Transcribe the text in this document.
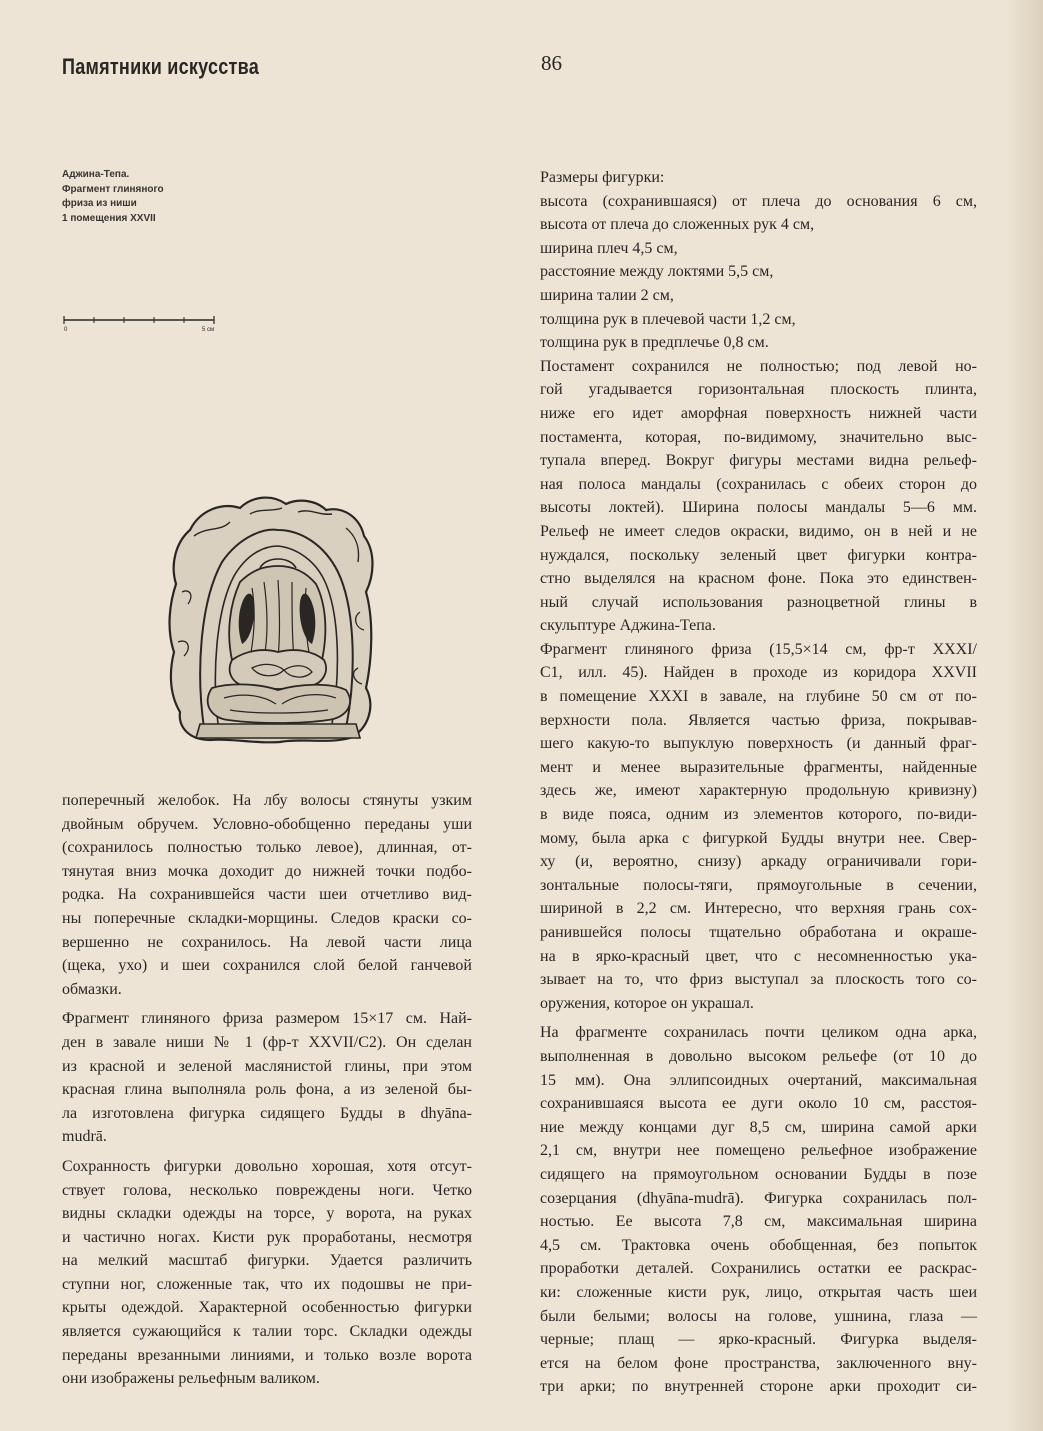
Памятники искусства	86
Аджина-Тепа.
Фрагмент глиняного
фриза из ниши
1 помещения XXVII
0	5 см

поперечный желобок. На лбу волосы стянуты узким
двойным обручем. Условно-обобщенно переданы уши
(сохранилось полностью только левое), длинная, от-
тянутая вниз мочка доходит до нижней точки подбо-
родка. На сохранившейся части шеи отчетливо вид-
ны поперечные складки-морщины. Следов краски со-
вершенно не сохранилось. На левой части лица
(щека, ухо) и шеи сохранился слой белой ганчевой
обмазки.

Фрагмент глиняного фриза размером 15×17 см. Най-
ден в завале ниши № 1 (фр-т XXVII/C2). Он сделан
из красной и зеленой маслянистой глины, при этом
красная глина выполняла роль фона, а из зеленой бы-
ла изготовлена фигурка сидящего Будды в dhyāna-
mudrā.

Сохранность фигурки довольно хорошая, хотя отсут-
ствует голова, несколько повреждены ноги. Четко
видны складки одежды на торсе, у ворота, на руках
и частично ногах. Кисти рук проработаны, несмотря
на мелкий масштаб фигурки. Удается различить
ступни ног, сложенные так, что их подошвы не при-
крыты одеждой. Характерной особенностью фигурки
является сужающийся к талии торс. Складки одежды
переданы врезанными линиями, и только возле ворота
они изображены рельефным валиком.

Размеры фигурки:
высота (сохранившаяся) от плеча до основания 6 см,
высота от плеча до сложенных рук 4 см,
ширина плеч 4,5 см,
расстояние между локтями 5,5 см,
ширина талии 2 см,
толщина рук в плечевой части 1,2 см,
толщина рук в предплечье 0,8 см.

Постамент сохранился не полностью; под левой но-
гой угадывается горизонтальная плоскость плинта,
ниже его идет аморфная поверхность нижней части
постамента, которая, по-видимому, значительно выс-
тупала вперед. Вокруг фигуры местами видна рельеф-
ная полоса мандалы (сохранилась с обеих сторон до
высоты локтей). Ширина полосы мандалы 5—6 мм.
Рельеф не имеет следов окраски, видимо, он в ней и не
нуждался, поскольку зеленый цвет фигурки контра-
стно выделялся на красном фоне. Пока это единствен-
ный случай использования разноцветной глины в
скульптуре Аджина-Тепа.

Фрагмент глиняного фриза (15,5×14 см, фр-т XXXI/
C1, илл. 45). Найден в проходе из коридора XXVII
в помещение XXXI в завале, на глубине 50 см от по-
верхности пола. Является частью фриза, покрывав-
шего какую-то выпуклую поверхность (и данный фраг-
мент и менее выразительные фрагменты, найденные
здесь же, имеют характерную продольную кривизну)
в виде пояса, одним из элементов которого, по-види-
мому, была арка с фигуркой Будды внутри нее. Свер-
ху (и, вероятно, снизу) аркаду ограничивали гори-
зонтальные полосы-тяги, прямоугольные в сечении,
шириной в 2,2 см. Интересно, что верхняя грань сох-
ранившейся полосы тщательно обработана и окраше-
на в ярко-красный цвет, что с несомненностью ука-
зывает на то, что фриз выступал за плоскость того со-
оружения, которое он украшал.

На фрагменте сохранилась почти целиком одна арка,
выполненная в довольно высоком рельефе (от 10 до
15 мм). Она эллипсоидных очертаний, максимальная
сохранившаяся высота ее дуги около 10 см, расстоя-
ние между концами дуг 8,5 см, ширина самой арки
2,1 см, внутри нее помещено рельефное изображение
сидящего на прямоугольном основании Будды в позе
созерцания (dhyāna-mudrā). Фигурка сохранилась пол-
ностью. Ее высота 7,8 см, максимальная ширина
4,5 см. Трактовка очень обобщенная, без попыток
проработки деталей. Сохранились остатки ее раскрас-
ки: сложенные кисти рук, лицо, открытая часть шеи
были белыми; волосы на голове, ушнина, глаза —
черные; плащ — ярко-красный. Фигурка выделя-
ется на белом фоне пространства, заключенного вну-
три арки; по внутренней стороне арки проходит си-
